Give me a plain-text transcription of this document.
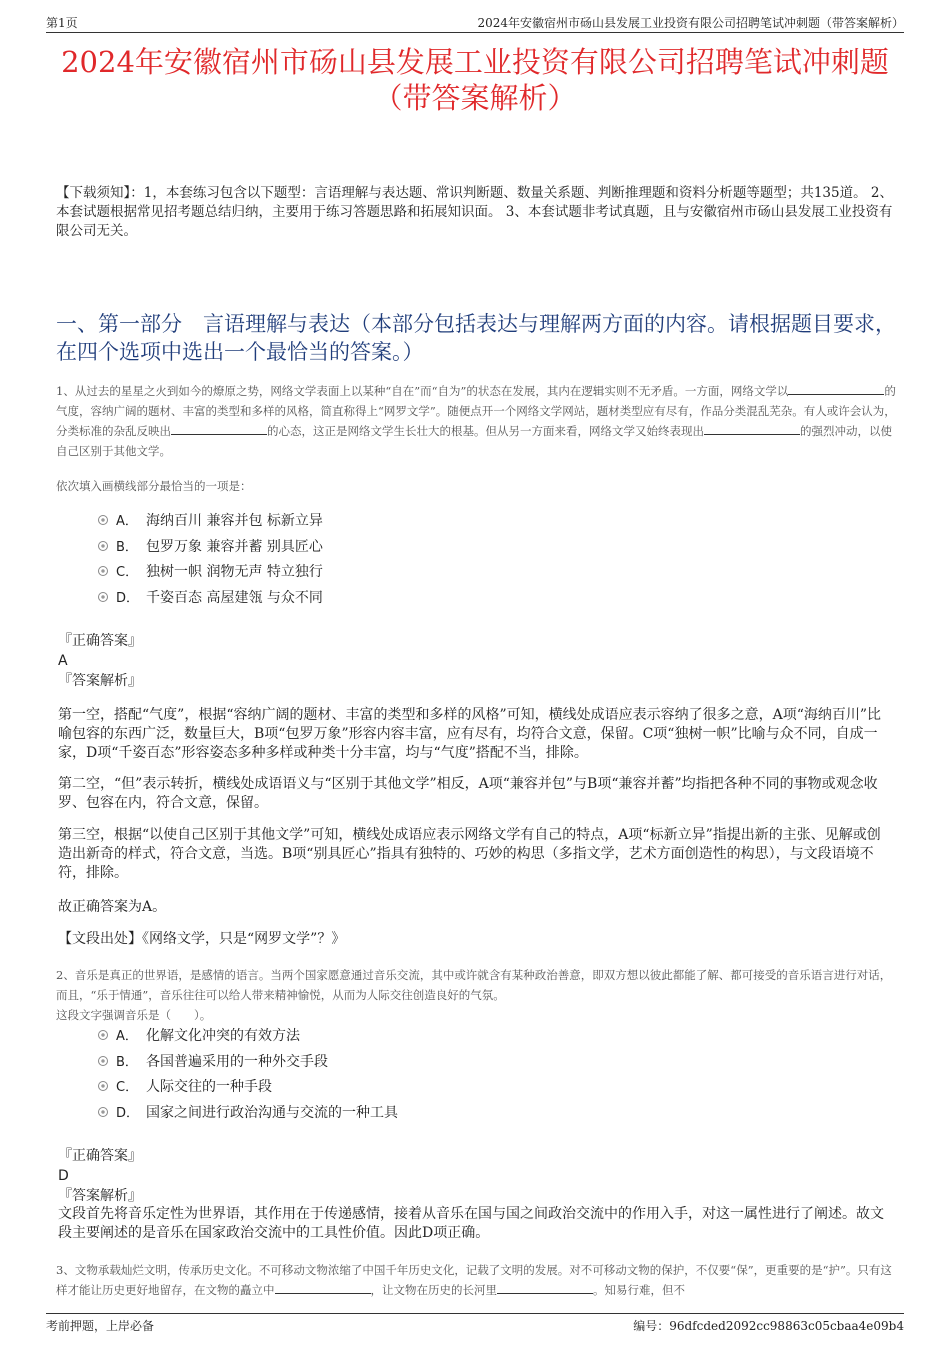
第1页	2024年安徽宿州市砀山县发展工业投资有限公司招聘笔试冲刺题（带答案解析）
2024年安徽宿州市砀山县发展工业投资有限公司招聘笔试冲刺题（带答案解析）
【下载须知】：1，本套练习包含以下题型：言语理解与表达题、常识判断题、数量关系题、判断推理题和资料分析题等题型；共135道。 2、本套试题根据常见招考题总结归纳，主要用于练习答题思路和拓展知识面。 3、本套试题非考试真题，且与安徽宿州市砀山县发展工业投资有限公司无关。
一、第一部分　言语理解与表达（本部分包括表达与理解两方面的内容。请根据题目要求，在四个选项中选出一个最恰当的答案。）
1、从过去的星星之火到如今的燎原之势，网络文学表面上以某种“自在”而“自为”的状态在发展，其内在逻辑实则不无矛盾。一方面，网络文学以	的气度，容纳广阔的题材、丰富的类型和多样的风格，简直称得上“网罗文学”。随便点开一个网络文学网站，题材类型应有尽有，作品分类混乱芜杂。有人或许会认为，分类标准的杂乱反映出	的心态，这正是网络文学生长壮大的根基。但从另一方面来看，网络文学又始终表现出	的强烈冲动，以使自己区别于其他文学。
依次填入画横线部分最恰当的一项是：
A． 海纳百川 兼容并包 标新立异
B． 包罗万象 兼容并蓄 别具匠心
C． 独树一帜 润物无声 特立独行
D． 千姿百态 高屋建瓴 与众不同
『正确答案』
A
『答案解析』
第一空，搭配“气度”，根据“容纳广阔的题材、丰富的类型和多样的风格”可知，横线处成语应表示容纳了很多之意，A项“海纳百川”比喻包容的东西广泛，数量巨大，B项“包罗万象”形容内容丰富，应有尽有，均符合文意，保留。C项“独树一帜”比喻与众不同，自成一家，D项“千姿百态”形容姿态多种多样或种类十分丰富，均与“气度”搭配不当，排除。
第二空，“但”表示转折，横线处成语语义与“区别于其他文学”相反，A项“兼容并包”与B项“兼容并蓄”均指把各种不同的事物或观念收罗、包容在内，符合文意，保留。
第三空，根据“以使自己区别于其他文学”可知，横线处成语应表示网络文学有自己的特点，A项“标新立异”指提出新的主张、见解或创造出新奇的样式，符合文意，当选。B项“别具匠心”指具有独特的、巧妙的构思（多指文学，艺术方面创造性的构思），与文段语境不符，排除。
故正确答案为A。
【文段出处】《网络文学，只是“网罗文学”？》
2、音乐是真正的世界语，是感情的语言。当两个国家愿意通过音乐交流，其中或许就含有某种政治善意，即双方想以彼此都能了解、都可接受的音乐语言进行对话，而且，“乐于情通”，音乐往往可以给人带来精神愉悦，从而为人际交往创造良好的气氛。
这段文字强调音乐是（　　）。
A． 化解文化冲突的有效方法
B． 各国普遍采用的一种外交手段
C． 人际交往的一种手段
D． 国家之间进行政治沟通与交流的一种工具
『正确答案』
D
『答案解析』
文段首先将音乐定性为世界语，其作用在于传递感情，接着从音乐在国与国之间政治交流中的作用入手，对这一属性进行了阐述。故文段主要阐述的是音乐在国家政治交流中的工具性价值。因此D项正确。
3、文物承载灿烂文明，传承历史文化。不可移动文物浓缩了中国千年历史文化，记载了文明的发展。对不可移动文物的保护，不仅要“保”，更重要的是“护”。只有这样才能让历史更好地留存，在文物的矗立中	，让文物在历史的长河里	。知易行难，但不
考前押题，上岸必备	编号：96dfcded2092cc98863c05cbaa4e09b4
